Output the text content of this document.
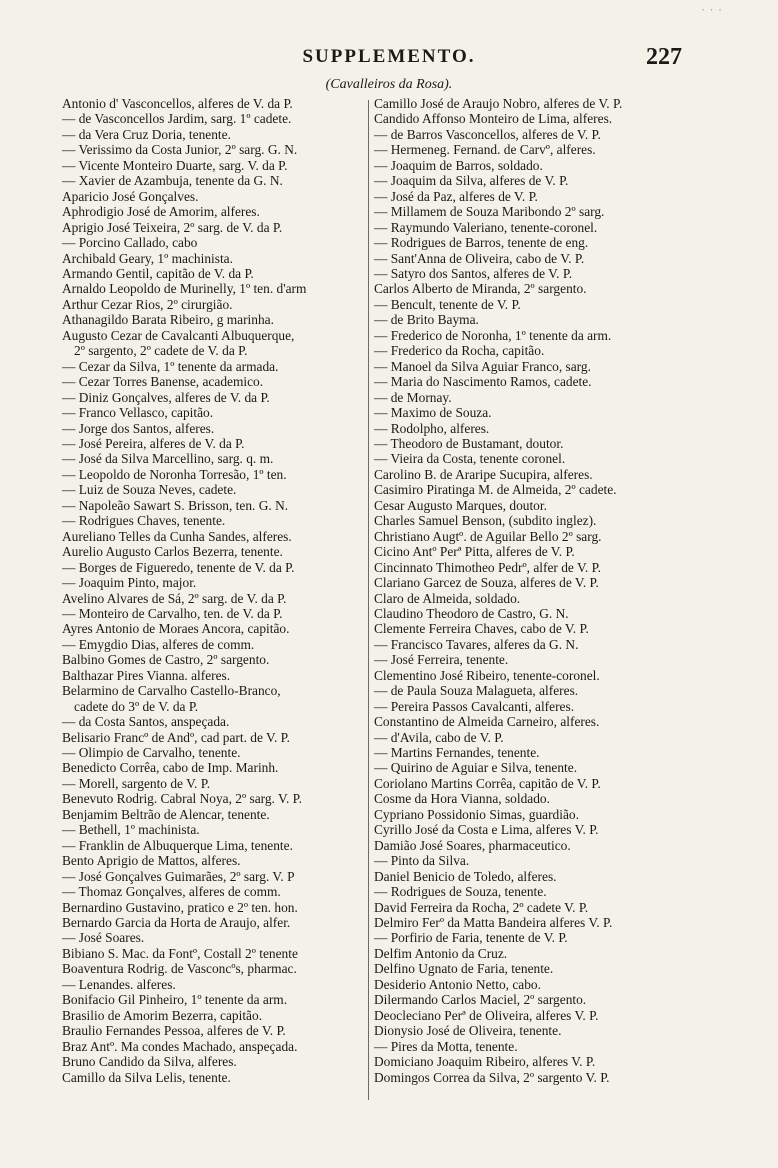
SUPPLEMENTO.	227
(Cavalleiros da Rosa).
Antonio d' Vasconcellos, alferes de V. da P.
— de Vasconcellos Jardim, sarg. 1º cadete.
— da Vera Cruz Doria, tenente.
— Verissimo da Costa Junior, 2º sarg. G. N.
— Vicente Monteiro Duarte, sarg. V. da P.
— Xavier de Azambuja, tenente da G. N.
Aparicio José Gonçalves.
Aphrodigio José de Amorim, alferes.
Aprigio José Teixeira, 2º sarg. de V. da P.
— Porcino Callado, cabo
Archibald Geary, 1º machinista.
Armando Gentil, capitão de V. da P.
Arnaldo Leopoldo de Murinelly, 1º ten. d'arm
Arthur Cezar Rios, 2º cirurgião.
Athanagildo Barata Ribeiro, g marinha.
Augusto Cezar de Cavalcanti Albuquerque,
2º sargento, 2º cadete de V. da P.
— Cezar da Silva, 1º tenente da armada.
— Cezar Torres Banense, academico.
— Diniz Gonçalves, alferes de V. da P.
— Franco Vellasco, capitão.
— Jorge dos Santos, alferes.
— José Pereira, alferes de V. da P.
— José da Silva Marcellino, sarg. q. m.
— Leopoldo de Noronha Torresão, 1º ten.
— Luiz de Souza Neves, cadete.
— Napoleão Sawart S. Brisson, ten. G. N.
— Rodrigues Chaves, tenente.
Aureliano Telles da Cunha Sandes, alferes.
Aurelio Augusto Carlos Bezerra, tenente.
— Borges de Figueredo, tenente de V. da P.
— Joaquim Pinto, major.
Avelino Alvares de Sá, 2º sarg. de V. da P.
— Monteiro de Carvalho, ten. de V. da P.
Ayres Antonio de Moraes Ancora, capitão.
— Emygdio Dias, alferes de comm.
Balbino Gomes de Castro, 2º sargento.
Balthazar Pires Vianna. alferes.
Belarmino de Carvalho Castello-Branco,
cadete do 3º de V. da P.
— da Costa Santos, anspeçada.
Belisario Francº de Andº, cad part. de V. P.
— Olimpio de Carvalho, tenente.
Benedicto Corrêa, cabo de Imp. Marinh.
— Morell, sargento de V. P.
Benevuto Rodrig. Cabral Noya, 2º sarg. V. P.
Benjamim Beltrão de Alencar, tenente.
— Bethell, 1º machinista.
— Franklin de Albuquerque Lima, tenente.
Bento Aprigio de Mattos, alferes.
— José Gonçalves Guimarães, 2º sarg. V. P
— Thomaz Gonçalves, alferes de comm.
Bernardino Gustavino, pratico e 2º ten. hon.
Bernardo Garcia da Horta de Araujo, alfer.
— José Soares.
Bibiano S. Mac. da Fontº, Costall 2º tenente
Boaventura Rodrig. de Vasconcºs, pharmac.
— Lenandes. alferes.
Bonifacio Gil Pinheiro, 1º tenente da arm.
Brasilio de Amorim Bezerra, capitão.
Braulio Fernandes Pessoa, alferes de V. P.
Braz Antº. Ma condes Machado, anspeçada.
Bruno Candido da Silva, alferes.
Camillo da Silva Lelis, tenente.
Camillo José de Araujo Nobro, alferes de V. P.
Candido Affonso Monteiro de Lima, alferes.
— de Barros Vasconcellos, alferes de V. P.
— Hermeneg. Fernand. de Carvº, alferes.
— Joaquim de Barros, soldado.
— Joaquim da Silva, alferes de V. P.
— José da Paz, alferes de V. P.
— Millamem de Souza Maribondo 2º sarg.
— Raymundo Valeriano, tenente-coronel.
— Rodrigues de Barros, tenente de eng.
— Sant'Anna de Oliveira, cabo de V. P.
— Satyro dos Santos, alferes de V. P.
Carlos Alberto de Miranda, 2º sargento.
— Bencult, tenente de V. P.
— de Brito Bayma.
— Frederico de Noronha, 1º tenente da arm.
— Frederico da Rocha, capitão.
— Manoel da Silva Aguiar Franco, sarg.
— Maria do Nascimento Ramos, cadete.
— de Mornay.
— Maximo de Souza.
— Rodolpho, alferes.
— Theodoro de Bustamant, doutor.
— Vieira da Costa, tenente coronel.
Carolino B. de Araripe Sucupira, alferes.
Casimiro Piratinga M. de Almeida, 2º cadete.
Cesar Augusto Marques, doutor.
Charles Samuel Benson, (subdito inglez).
Christiano Augtº. de Aguilar Bello 2º sarg.
Cicino Antº Perª Pitta, alferes de V. P.
Cincinnato Thimotheo Pedrº, alfer de V. P.
Clariano Garcez de Souza, alferes de V. P.
Claro de Almeida, soldado.
Claudino Theodoro de Castro, G. N.
Clemente Ferreira Chaves, cabo de V. P.
— Francisco Tavares, alferes da G. N.
— José Ferreira, tenente.
Clementino José Ribeiro, tenente-coronel.
— de Paula Souza Malagueta, alferes.
— Pereira Passos Cavalcanti, alferes.
Constantino de Almeida Carneiro, alferes.
— d'Avila, cabo de V. P.
— Martins Fernandes, tenente.
— Quirino de Aguiar e Silva, tenente.
Coriolano Martins Corrêa, capitão de V. P.
Cosme da Hora Vianna, soldado.
Cypriano Possidonio Simas, guardião.
Cyrillo José da Costa e Lima, alferes V. P.
Damião José Soares, pharmaceutico.
— Pinto da Silva.
Daniel Benicio de Toledo, alferes.
— Rodrigues de Souza, tenente.
David Ferreira da Rocha, 2º cadete V. P.
Delmiro Ferº da Matta Bandeira alferes V. P.
— Porfirio de Faria, tenente de V. P.
Delfim Antonio da Cruz.
Delfino Ugnato de Faria, tenente.
Desiderio Antonio Netto, cabo.
Dilermando Carlos Maciel, 2º sargento.
Deocleciano Perª de Oliveira, alferes V. P.
Dionysio José de Oliveira, tenente.
— Pires da Motta, tenente.
Domiciano Joaquim Ribeiro, alferes V. P.
Domingos Correa da Silva, 2º sargento V. P.
᛫ ᛫ ᛫
